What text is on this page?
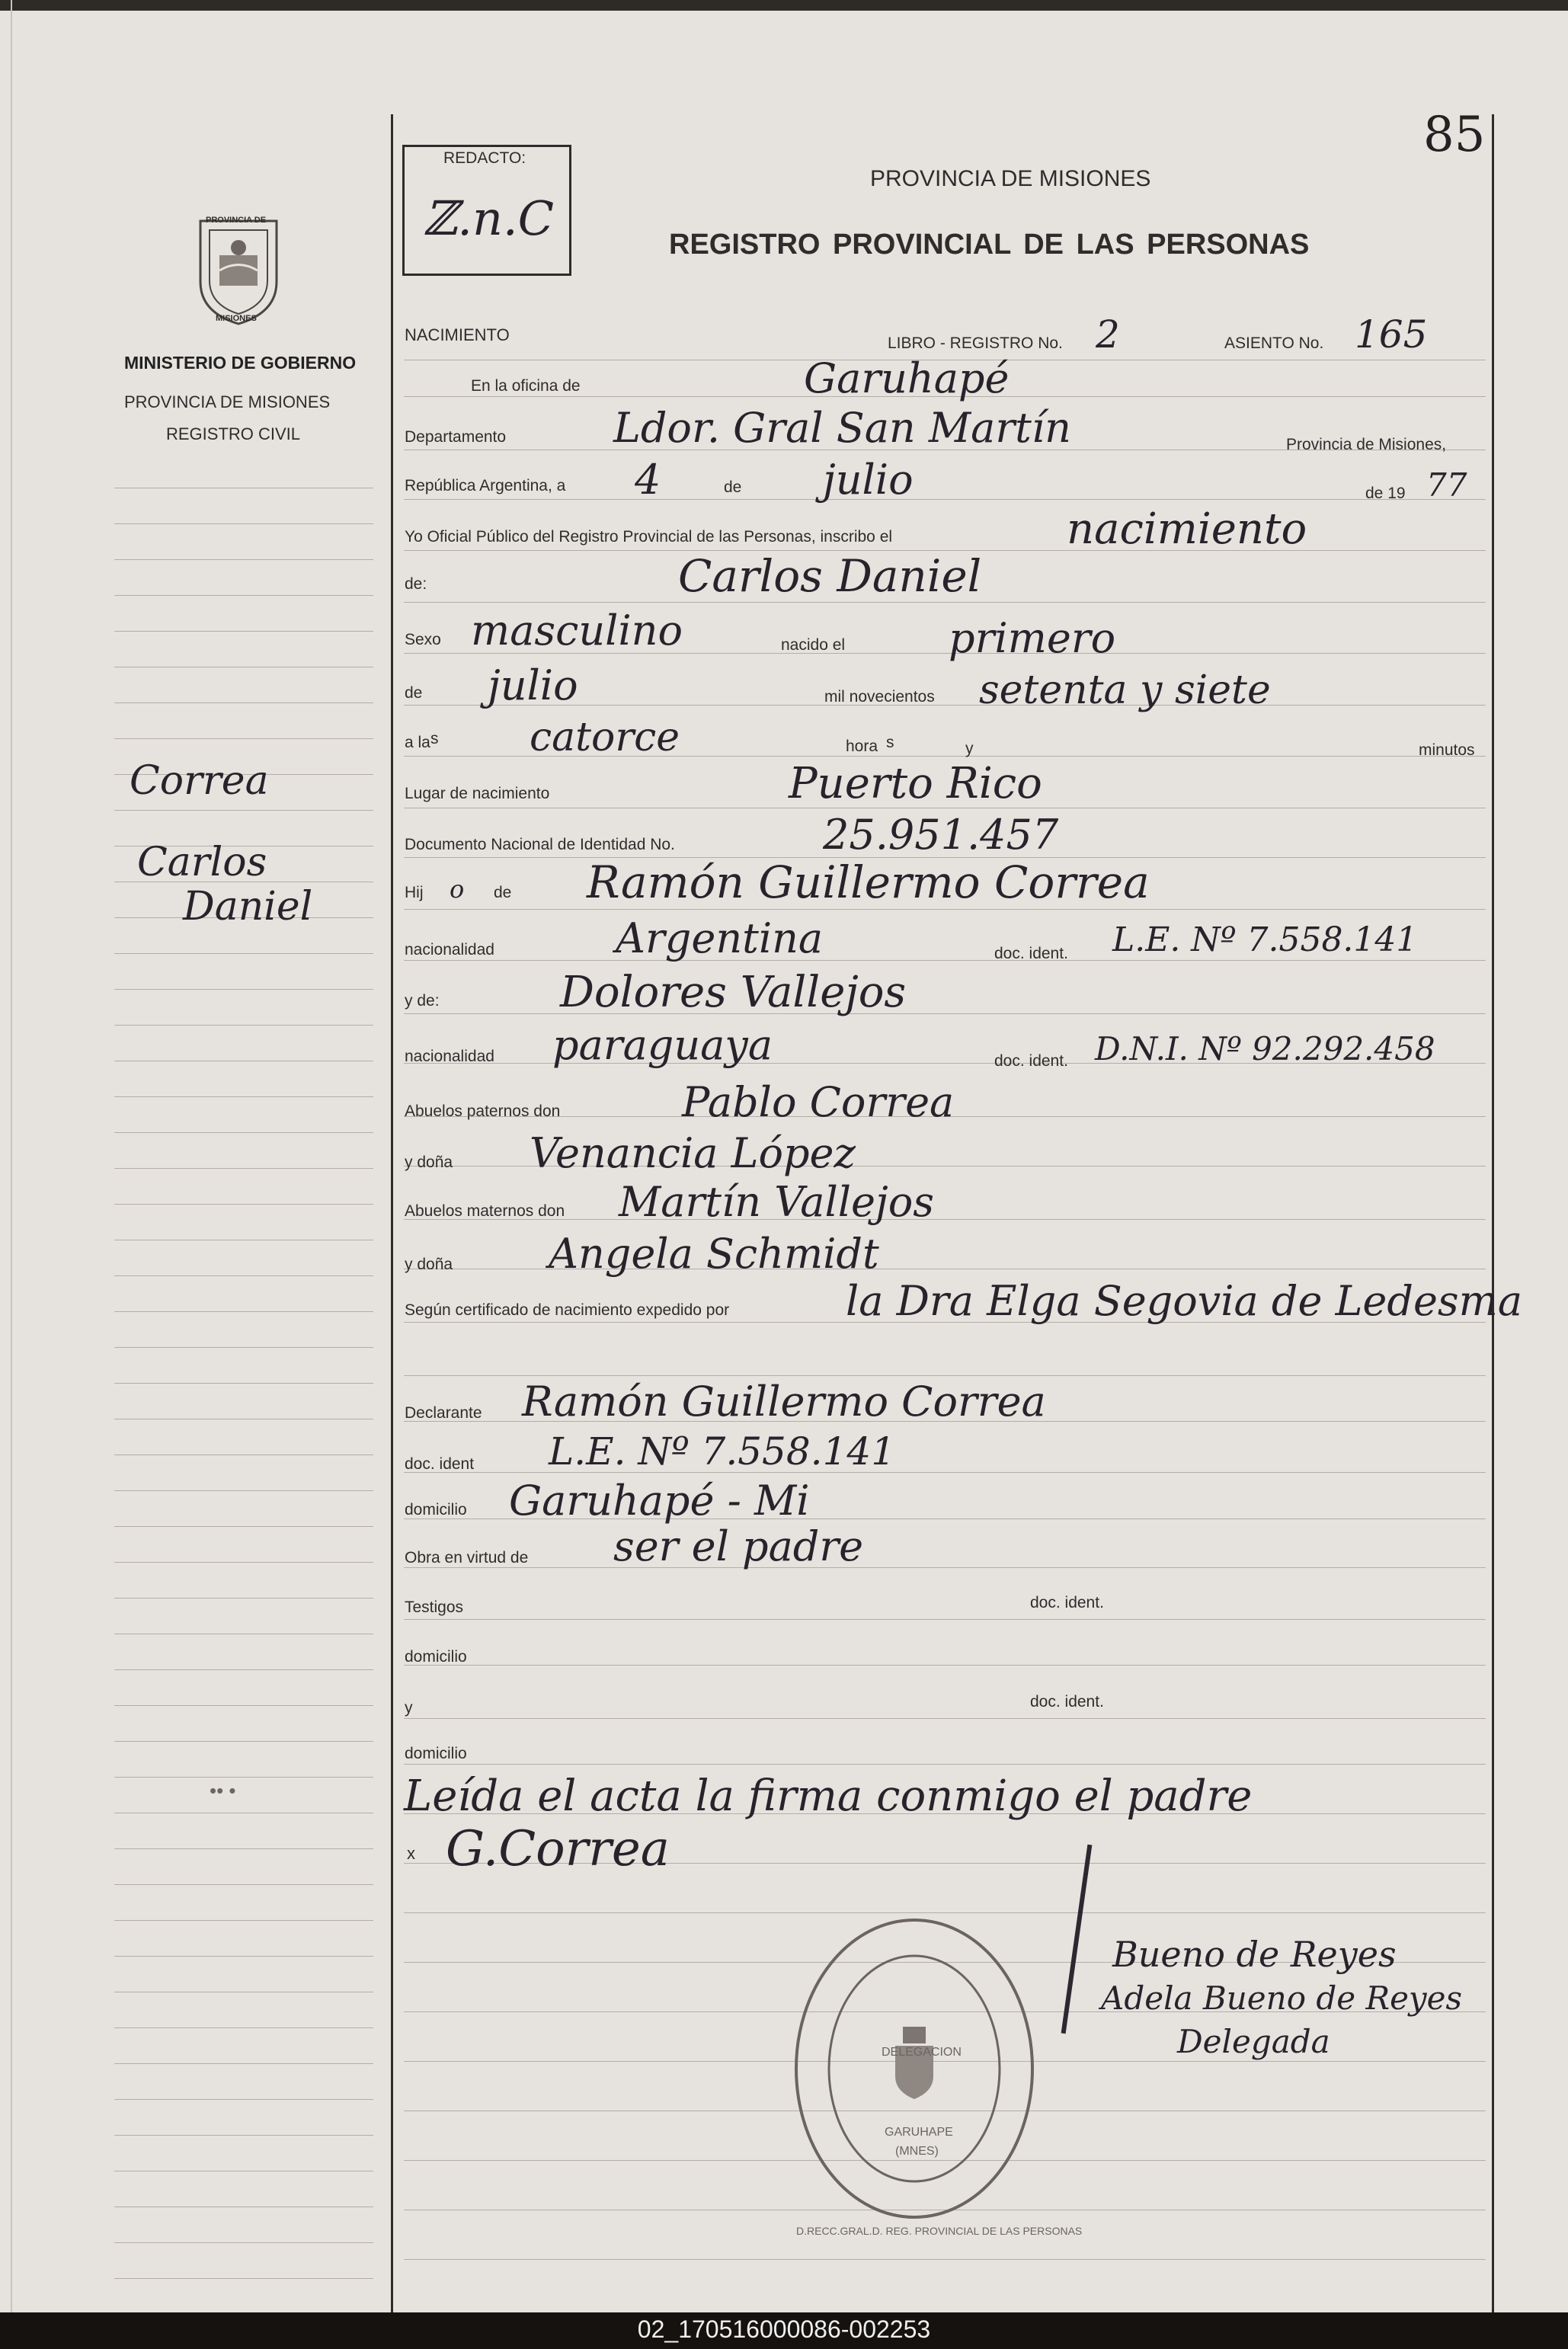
PROVINCIA DE
MISIONES
MINISTERIO DE GOBIERNO
PROVINCIA DE MISIONES
REGISTRO CIVIL
Correa
Carlos
Daniel
•• •
85
REDACTO:
ℤ.n.C
PROVINCIA DE MISIONES
REGISTRO PROVINCIAL DE LAS PERSONAS
NACIMIENTO	LIBRO - REGISTRO No. 2	ASIENTO No. 165
En la oficina de	Garuhapé
Departamento	Ldor. Gral San Martín	Provincia de Misiones,
República Argentina, a 4	de julio	de 19 77
Yo Oficial Público del Registro Provincial de las Personas, inscribo el	nacimiento
de:	Carlos Daniel
Sexo masculino	nacido el	primero
de julio	mil novecientos setenta y siete
a la s catorce	hora s	y	minutos
Lugar de nacimiento	Puerto Rico
Documento Nacional de Identidad No.	25.951.457
Hij o de Ramón Guillermo Correa
nacionalidad	Argentina	doc. ident. L.E. Nº 7.558.141
y de:	Dolores Vallejos
nacionalidad paraguaya	doc. ident. D.N.I. Nº 92.292.458
Abuelos paternos don	Pablo Correa
y doña Venancia López
Abuelos maternos don Martín Vallejos
y doña Angela Schmidt
Según certificado de nacimiento expedido por	la Dra Elga Segovia de Ledesma
Declarante Ramón Guillermo Correa
doc. ident L.E. Nº 7.558.141
domicilio Garuhapé - Mi
Obra en virtud de ser el padre
Testigos	doc. ident.
domicilio
y	doc. ident.
domicilio
Leída el acta la firma conmigo el padre
x G.Correa
D.RECC.GRAL.D. REG. PROVINCIAL DE LAS PERSONAS
DELEGACION
GARUHAPE
(MNES)
Bueno de Reyes
Adela Bueno de Reyes
Delegada
02_170516000086-002253
